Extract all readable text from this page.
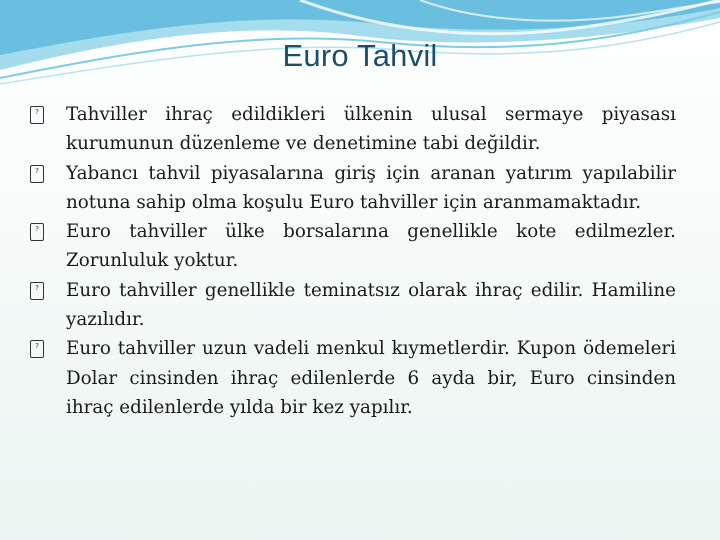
Euro Tahvil

? Tahviller ihraç edildikleri ülkenin ulusal sermaye piyasası kurumunun düzenleme ve denetimine tabi değildir.

? Yabancı tahvil piyasalarına giriş için aranan yatırım yapılabilir notuna sahip olma koşulu Euro tahviller için aranmamaktadır.

? Euro tahviller ülke borsalarına genellikle kote edilmezler. Zorunluluk yoktur.

? Euro tahviller genellikle teminatsız olarak ihraç edilir. Hamiline yazılıdır.

? Euro tahviller uzun vadeli menkul kıymetlerdir. Kupon ödemeleri Dolar cinsinden ihraç edilenlerde 6 ayda bir, Euro cinsinden ihraç edilenlerde yılda bir kez yapılır.
